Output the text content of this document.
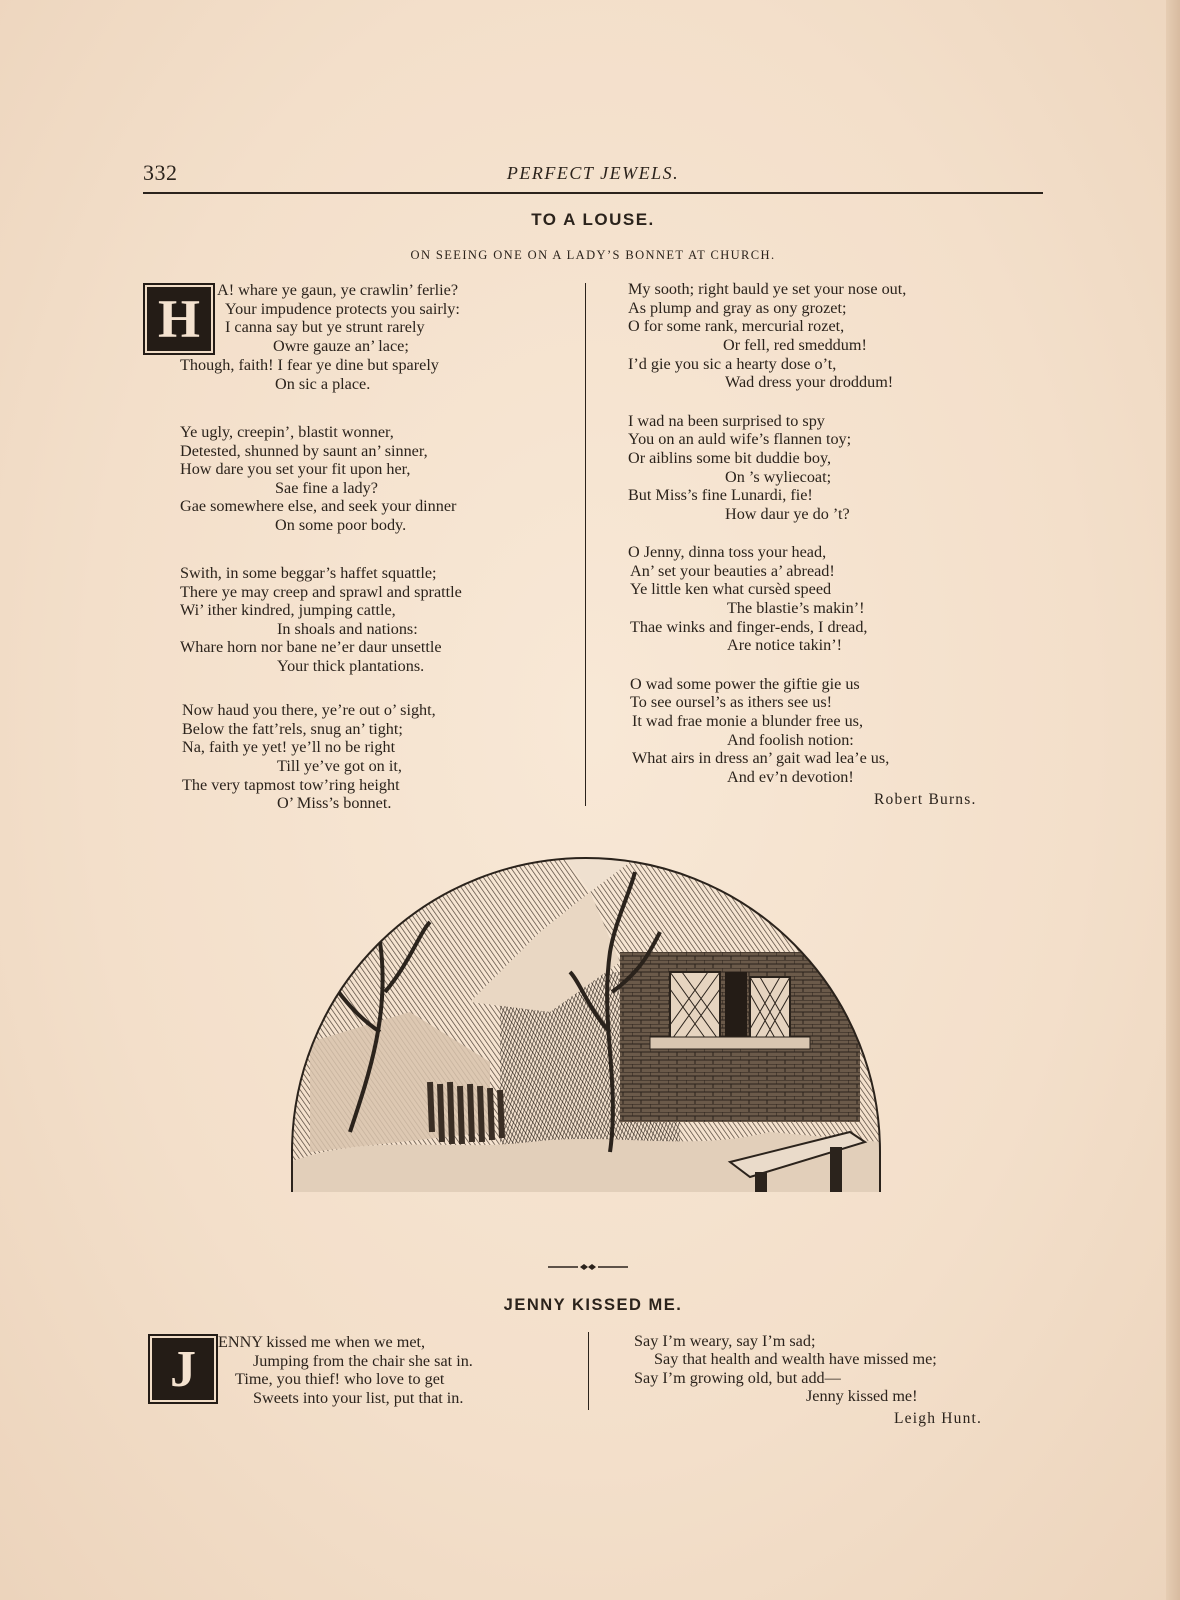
332	PERFECT JEWELS.
TO A LOUSE.
ON SEEING ONE ON A LADY’S BONNET AT CHURCH.
H A! whare ye gaun, ye crawlin’ ferlie?
Your impudence protects you sairly:
I canna say but ye strunt rarely
Owre gauze an’ lace;
Though, faith! I fear ye dine but sparely
On sic a place.
Ye ugly, creepin’, blastit wonner,
Detested, shunned by saunt an’ sinner,
How dare you set your fit upon her,
Sae fine a lady?
Gae somewhere else, and seek your dinner
On some poor body.
Swith, in some beggar’s haffet squattle;
There ye may creep and sprawl and sprattle
Wi’ ither kindred, jumping cattle,
In shoals and nations:
Whare horn nor bane ne’er daur unsettle
Your thick plantations.
Now haud you there, ye’re out o’ sight,
Below the fatt’rels, snug an’ tight;
Na, faith ye yet! ye’ll no be right
Till ye’ve got on it,
The very tapmost tow’ring height
O’ Miss’s bonnet.
My sooth; right bauld ye set your nose out,
As plump and gray as ony grozet;
O for some rank, mercurial rozet,
Or fell, red smeddum!
I’d gie you sic a hearty dose o’t,
Wad dress your droddum!
I wad na been surprised to spy
You on an auld wife’s flannen toy;
Or aiblins some bit duddie boy,
On ’s wyliecoat;
But Miss’s fine Lunardi, fie!
How daur ye do ’t?
O Jenny, dinna toss your head,
An’ set your beauties a’ abread!
Ye little ken what cursèd speed
The blastie’s makin’!
Thae winks and finger-ends, I dread,
Are notice takin’!
O wad some power the giftie gie us
To see oursel’s as ithers see us!
It wad frae monie a blunder free us,
And foolish notion:
What airs in dress an’ gait wad lea’e us,
And ev’n devotion!
Robert Burns.
JENNY KISSED ME.
J ENNY kissed me when we met,
Jumping from the chair she sat in.
Time, you thief! who love to get
Sweets into your list, put that in.
Say I’m weary, say I’m sad;
Say that health and wealth have missed me;
Say I’m growing old, but add—
Jenny kissed me!
Leigh Hunt.
